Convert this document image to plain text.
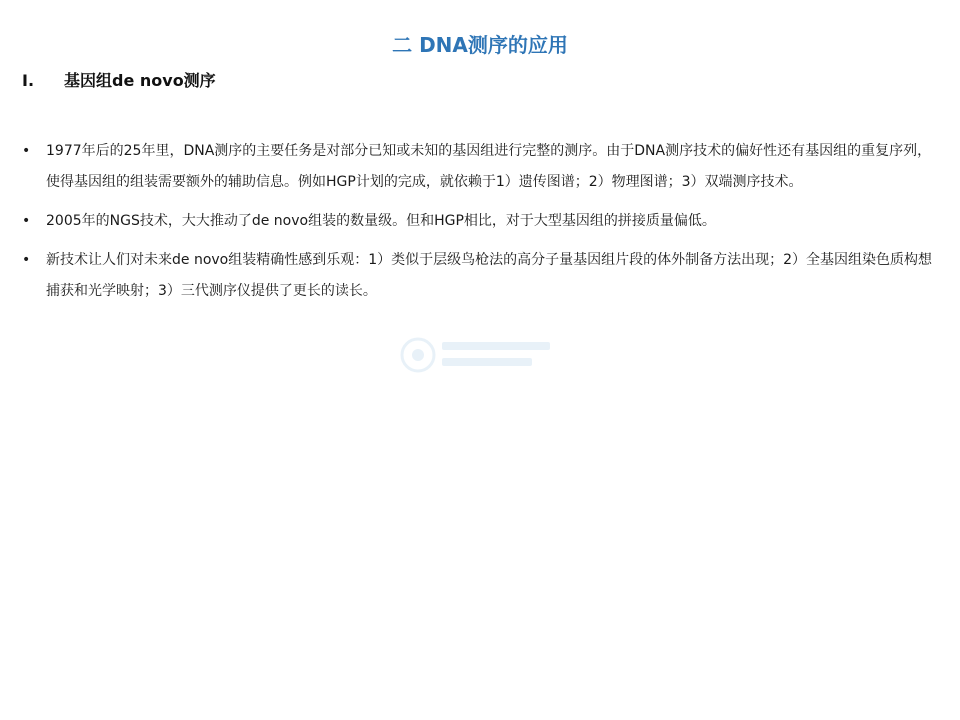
二 DNA测序的应用
I. 基因组de novo测序
•	1977年后的25年里，DNA测序的主要任务是对部分已知或未知的基因组进行完整的测序。由于DNA测序技术的偏好性还有基因组的重复序列，使得基因组的组装需要额外的辅助信息。例如HGP计划的完成，就依赖于1）遗传图谱；2）物理图谱；3）双端测序技术。
•	2005年的NGS技术，大大推动了de novo组装的数量级。但和HGP相比，对于大型基因组的拼接质量偏低。
•	新技术让人们对未来de novo组装精确性感到乐观：1）类似于层级鸟枪法的高分子量基因组片段的体外制备方法出现；2）全基因组染色质构想捕获和光学映射；3）三代测序仪提供了更长的读长。
